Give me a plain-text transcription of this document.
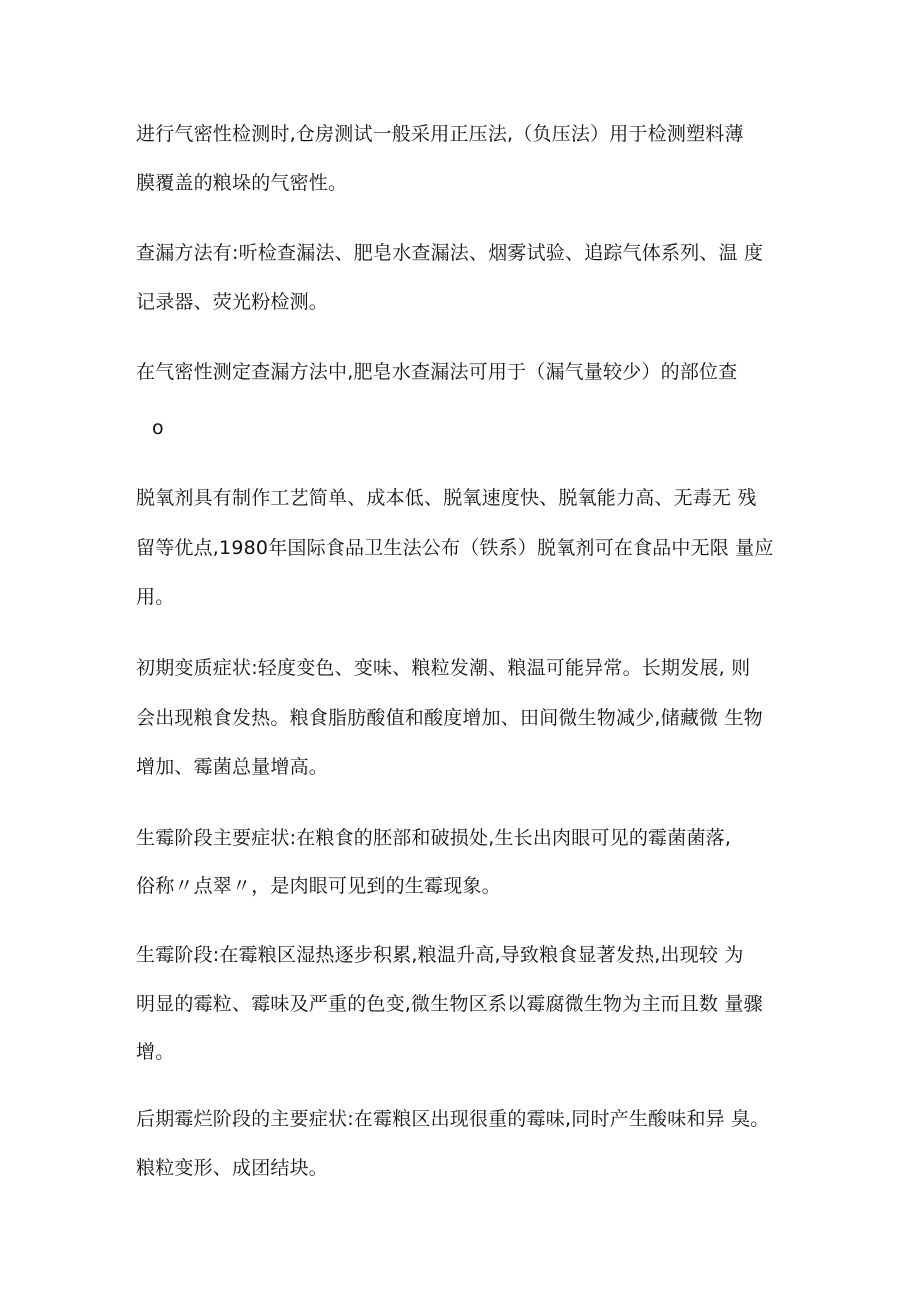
进行气密性检测时,仓房测试一般采用正压法,（负压法）用于检测塑料薄
膜覆盖的粮垛的气密性。
查漏方法有:听检查漏法、肥皂水查漏法、烟雾试验、追踪气体系列、温 度
记录器、荧光粉检测。
在气密性测定查漏方法中,肥皂水查漏法可用于（漏气量较少）的部位查
o
脱氧剂具有制作工艺简单、成本低、脱氧速度快、脱氧能力高、无毒无 残
留等优点,1980年国际食品卫生法公布（铁系）脱氧剂可在食品中无限 量应
用。
初期变质症状:轻度变色、变味、粮粒发潮、粮温可能异常。长期发展, 则
会出现粮食发热。粮食脂肪酸值和酸度增加、田间微生物减少,储藏微 生物
增加、霉菌总量增高。
生霉阶段主要症状:在粮食的胚部和破损处,生长出肉眼可见的霉菌菌落,
俗称〃点翠〃，是肉眼可见到的生霉现象。
生霉阶段:在霉粮区湿热逐步积累,粮温升高,导致粮食显著发热,出现较 为
明显的霉粒、霉味及严重的色变,微生物区系以霉腐微生物为主而且数 量骤
增。
后期霉烂阶段的主要症状:在霉粮区出现很重的霉味,同时产生酸味和异 臭。
粮粒变形、成团结块。
